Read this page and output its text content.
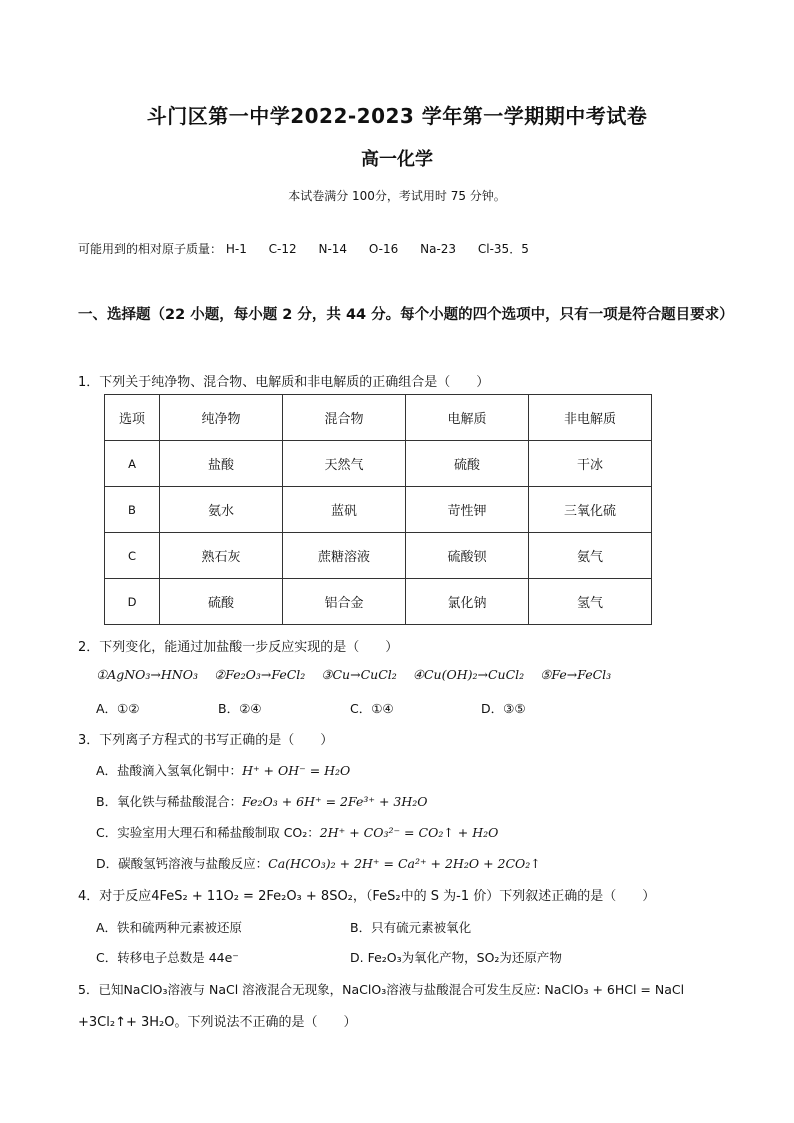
斗门区第一中学2022-2023 学年第一学期期中考试卷
高一化学
本试卷满分 100分，考试用时 75 分钟。
可能用到的相对原子质量： H-1 C-12 N-14 O-16 Na-23 Cl-35．5
一、选择题（22 小题，每小题 2 分，共 44 分。每个小题的四个选项中，只有一项是符合题目要求）
1．下列关于纯净物、混合物、电解质和非电解质的正确组合是（　　）
选项	纯净物	混合物	电解质	非电解质
A	盐酸	天然气	硫酸	干冰
B	氨水	蓝矾	苛性钾	三氧化硫
C	熟石灰	蔗糖溶液	硫酸钡	氨气
D	硫酸	铝合金	氯化钠	氢气
2．下列变化，能通过加盐酸一步反应实现的是（　　）
①AgNO₃→HNO₃ ②Fe₂O₃→FeCl₂ ③Cu→CuCl₂ ④Cu(OH)₂→CuCl₂ ⑤Fe→FeCl₃
A．①②	B．②④	C．①④	D．③⑤
3．下列离子方程式的书写正确的是（　　）
A．盐酸滴入氢氧化铜中：H⁺ + OH⁻ = H₂O
B．氧化铁与稀盐酸混合：Fe₂O₃ + 6H⁺ = 2Fe³⁺ + 3H₂O
C．实验室用大理石和稀盐酸制取 CO₂：2H⁺ + CO₃²⁻ = CO₂↑ + H₂O
D．碳酸氢钙溶液与盐酸反应：Ca(HCO₃)₂ + 2H⁺ = Ca²⁺ + 2H₂O + 2CO₂↑
4．对于反应4FeS₂ + 11O₂ = 2Fe₂O₃ + 8SO₂，（FeS₂中的 S 为-1 价）下列叙述正确的是（　　）
A．铁和硫两种元素被还原	B．只有硫元素被氧化
C．转移电子总数是 44e⁻	D. Fe₂O₃为氧化产物，SO₂为还原产物
5．已知NaClO₃溶液与 NaCl 溶液混合无现象，NaClO₃溶液与盐酸混合可发生反应: NaClO₃ + 6HCl = NaCl
+3Cl₂↑+ 3H₂O。下列说法不正确的是（　　）
